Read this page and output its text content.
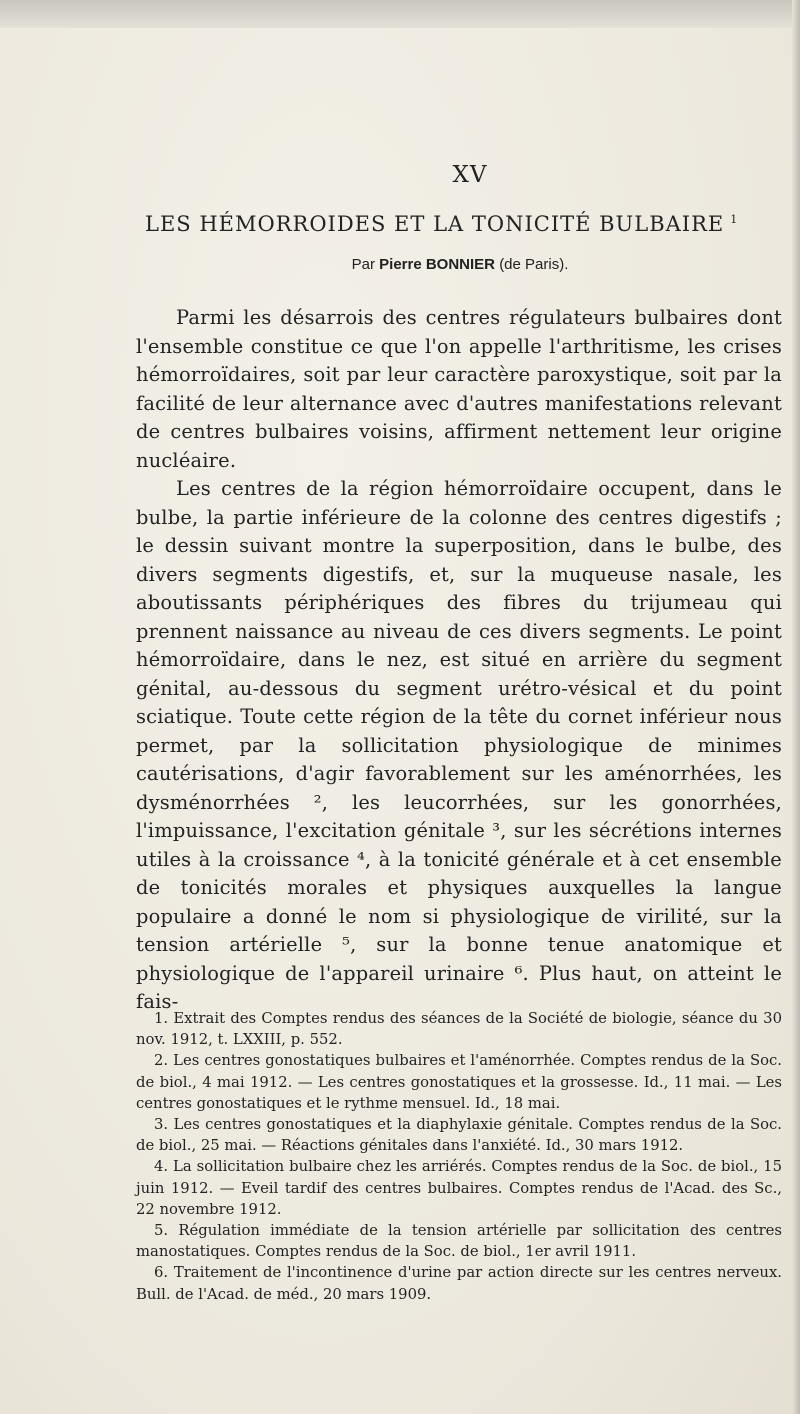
XV
LES HÉMORROIDES ET LA TONICITÉ BULBAIRE $^1$
Par Pierre BONNIER (de Paris).

Parmi les désarrois des centres régulateurs bulbaires dont l'ensemble constitue ce que l'on appelle l'arthritisme, les crises hémorroïdaires, soit par leur caractère paroxystique, soit par la facilité de leur alternance avec d'autres manifestations relevant de centres bulbaires voisins, affirment nettement leur origine nucléaire.

Les centres de la région hémorroïdaire occupent, dans le bulbe, la partie inférieure de la colonne des centres digestifs ; le dessin suivant montre la superposition, dans le bulbe, des divers segments digestifs, et, sur la muqueuse nasale, les aboutissants périphériques des fibres du trijumeau qui prennent naissance au niveau de ces divers segments. Le point hémorroïdaire, dans le nez, est situé en arrière du segment génital, au-dessous du segment urétro-vésical et du point sciatique. Toute cette région de la tête du cornet inférieur nous permet, par la sollicitation physiologique de minimes cautérisations, d'agir favorablement sur les aménorrhées, les dysménorrhées ², les leucorrhées, sur les gonorrhées, l'impuissance, l'excitation génitale ³, sur les sécrétions internes utiles à la croissance ⁴, à la tonicité générale et à cet ensemble de tonicités morales et physiques auxquelles la langue populaire a donné le nom si physiologique de virilité, sur la tension artérielle ⁵, sur la bonne tenue anatomique et physiologique de l'appareil urinaire ⁶. Plus haut, on atteint le fais-

1. Extrait des Comptes rendus des séances de la Société de biologie, séance du 30 nov. 1912, t. LXXIII, p. 552.

2. Les centres gonostatiques bulbaires et l'aménorrhée. Comptes rendus de la Soc. de biol., 4 mai 1912. — Les centres gonostatiques et la grossesse. Id., 11 mai. — Les centres gonostatiques et le rythme mensuel. Id., 18 mai.

3. Les centres gonostatiques et la diaphylaxie génitale. Comptes rendus de la Soc. de biol., 25 mai. — Réactions génitales dans l'anxiété. Id., 30 mars 1912.

4. La sollicitation bulbaire chez les arriérés. Comptes rendus de la Soc. de biol., 15 juin 1912. — Eveil tardif des centres bulbaires. Comptes rendus de l'Acad. des Sc., 22 novembre 1912.

5. Régulation immédiate de la tension artérielle par sollicitation des centres manostatiques. Comptes rendus de la Soc. de biol., 1er avril 1911.

6. Traitement de l'incontinence d'urine par action directe sur les centres nerveux. Bull. de l'Acad. de méd., 20 mars 1909.
